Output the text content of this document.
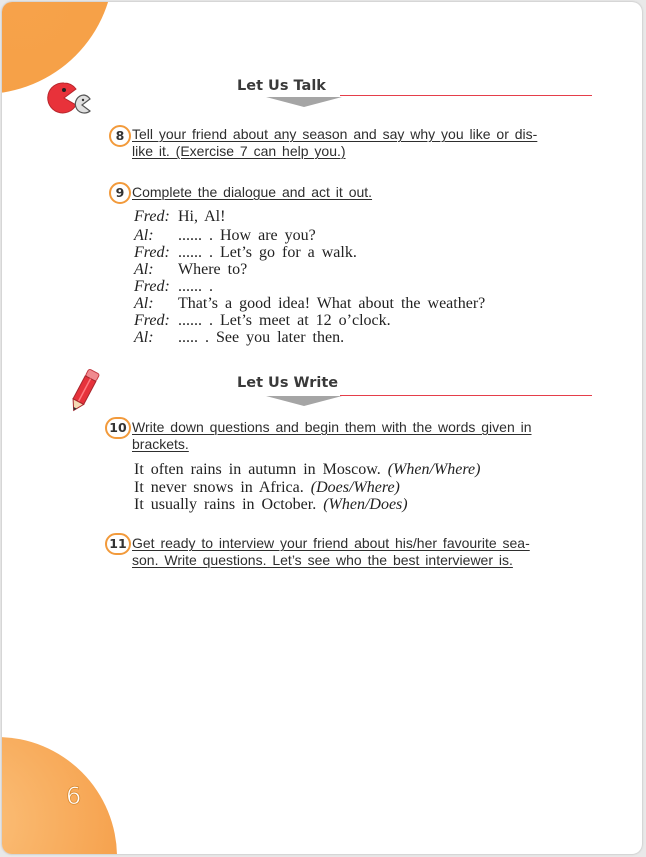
6
Let Us Talk
8 Tell your friend about any season and say why you like or dis-
like it. (Exercise 7 can help you.)
9 Complete the dialogue and act it out.
Fred: Hi, Al!
Al: ...... . How are you?
Fred: ...... . Let’s go for a walk.
Al: Where to?
Fred: ...... .
Al: That’s a good idea! What about the weather?
Fred: ...... . Let’s meet at 12 o’clock.
Al: ..... . See you later then.
Let Us Write
10 Write down questions and begin them with the words given in
brackets.
It often rains in autumn in Moscow. (When/Where)
It never snows in Africa. (Does/Where)
It usually rains in October. (When/Does)
11 Get ready to interview your friend about his/her favourite sea-
son. Write questions. Let’s see who the best interviewer is.
